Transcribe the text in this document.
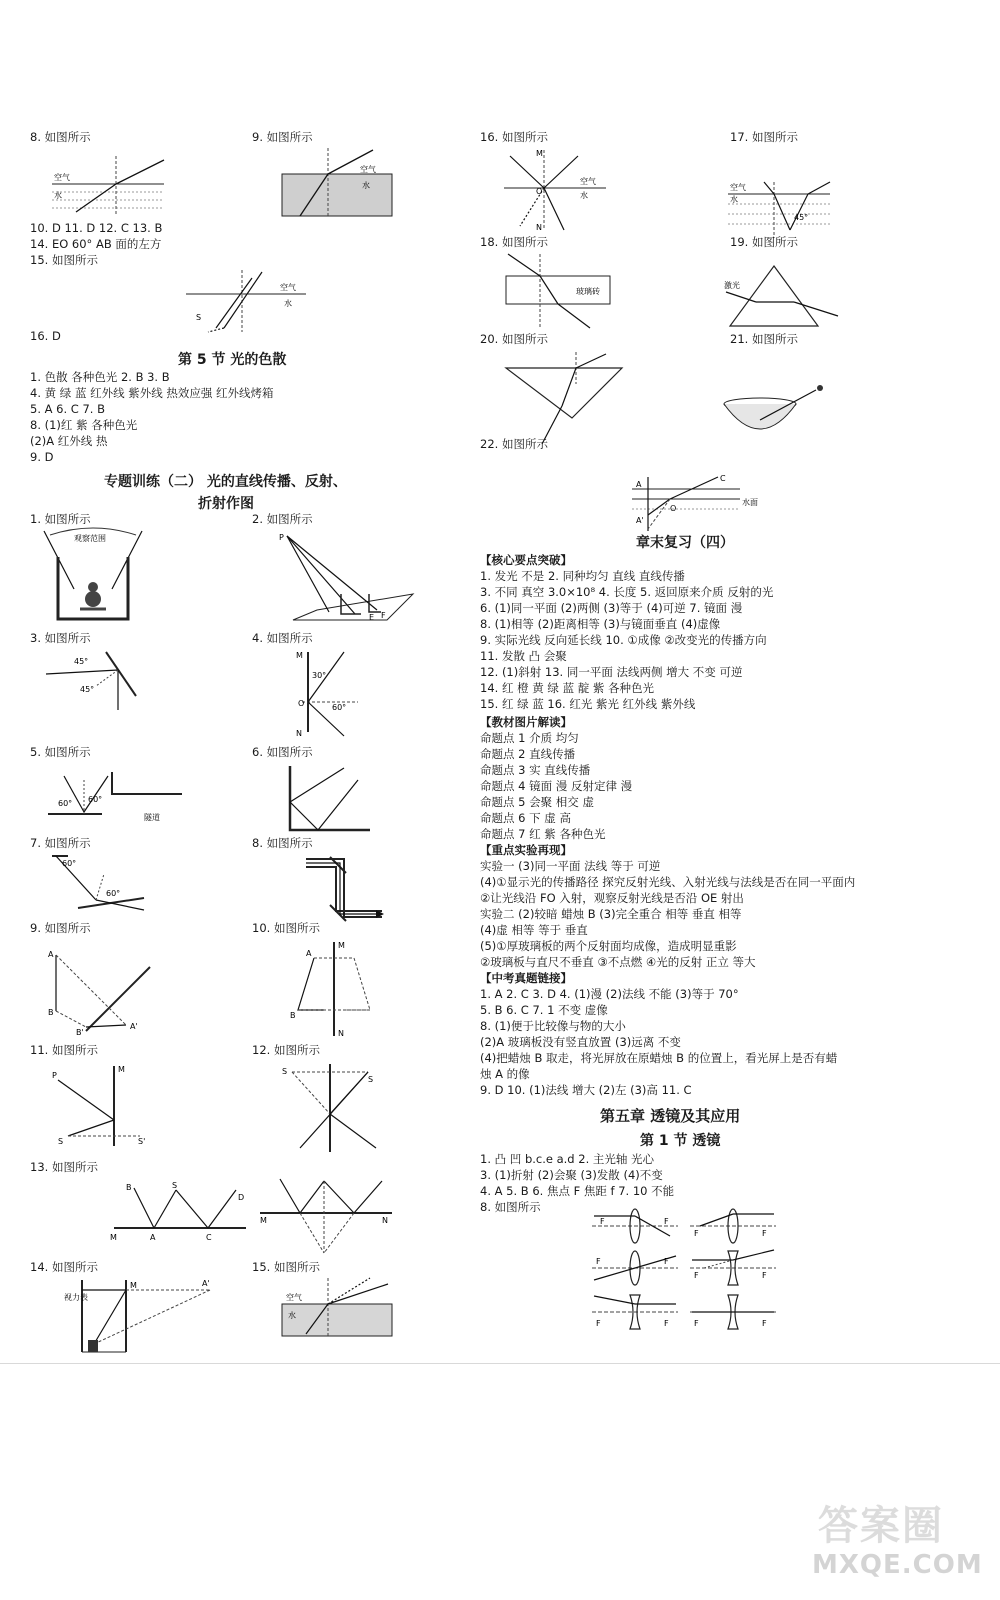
8. 如图所示	9. 如图所示
空气
水
空气
水
10. D 11. D 12. C 13. B
14. EO 60° AB 面的左方
15. 如图所示
空气
水
S
16. D
第 5 节 光的色散
1. 色散 各种色光 2. B 3. B
4. 黄 绿 蓝 红外线 紫外线 热效应强 红外线烤箱
5. A 6. C 7. B
8. (1)红 紫 各种色光
(2)A 红外线 热
9. D
专题训练（二） 光的直线传播、反射、
折射作图
1. 如图所示	2. 如图所示
观察范围	P
E F
3. 如图所示	4. 如图所示
45°
45°
M
N
30°
60°
O
5. 如图所示	6. 如图所示
60° 60°
隧道
7. 如图所示	8. 如图所示
60°
60°
9. 如图所示	10. 如图所示
A
B
A'
B'
A
B
M
N
11. 如图所示	12. 如图所示
P
S	S'
M	S
S
13. 如图所示
B	S
D
A	C
M
M	N
14. 如图所示	15. 如图所示
视力表
M	A'
空气
水
16. 如图所示	17. 如图所示
M
N
O
空气
水
空气
水
45°
18. 如图所示	19. 如图所示
玻璃砖
激光
20. 如图所示	21. 如图所示
22. 如图所示
A
A'
C
O
水面
章末复习（四）
【核心要点突破】
1. 发光 不是 2. 同种均匀 直线 直线传播
3. 不同 真空 3.0×10⁸ 4. 长度 5. 返回原来介质 反射的光
6. (1)同一平面 (2)两侧 (3)等于 (4)可逆 7. 镜面 漫
8. (1)相等 (2)距离相等 (3)与镜面垂直 (4)虚像
9. 实际光线 反向延长线 10. ①成像 ②改变光的传播方向
11. 发散 凸 会聚
12. (1)斜射 13. 同一平面 法线两侧 增大 不变 可逆
14. 红 橙 黄 绿 蓝 靛 紫 各种色光
15. 红 绿 蓝 16. 红光 紫光 红外线 紫外线
【教材图片解读】
命题点 1 介质 均匀
命题点 2 直线传播
命题点 3 实 直线传播
命题点 4 镜面 漫 反射定律 漫
命题点 5 会聚 相交 虚
命题点 6 下 虚 高
命题点 7 红 紫 各种色光
【重点实验再现】
实验一 (3)同一平面 法线 等于 可逆
(4)①显示光的传播路径 探究反射光线、入射光线与法线是否在同一平面内
②让光线沿 FO 入射，观察反射光线是否沿 OE 射出
实验二 (2)较暗 蜡烛 B (3)完全重合 相等 垂直 相等
(4)虚 相等 等于 垂直
(5)①厚玻璃板的两个反射面均成像，造成明显重影
②玻璃板与直尺不垂直 ③不点燃 ④光的反射 正立 等大
【中考真题链接】
1. A 2. C 3. D 4. (1)漫 (2)法线 不能 (3)等于 70°
5. B 6. C 7. 1 不变 虚像
8. (1)便于比较像与物的大小
(2)A 玻璃板没有竖直放置 (3)远离 不变
(4)把蜡烛 B 取走，将光屏放在原蜡烛 B 的位置上，看光屏上是否有蜡
烛 A 的像
9. D 10. (1)法线 增大 (2)左 (3)高 11. C
第五章 透镜及其应用
第 1 节 透镜
1. 凸 凹 b.c.e a.d 2. 主光轴 光心
3. (1)折射 (2)会聚 (3)发散 (4)不变
4. A 5. B 6. 焦点 F 焦距 f 7. 10 不能
8. 如图所示
F	F
F	F
F	F
F	F
F	F	F	F
答案圈
MXQE.COM
